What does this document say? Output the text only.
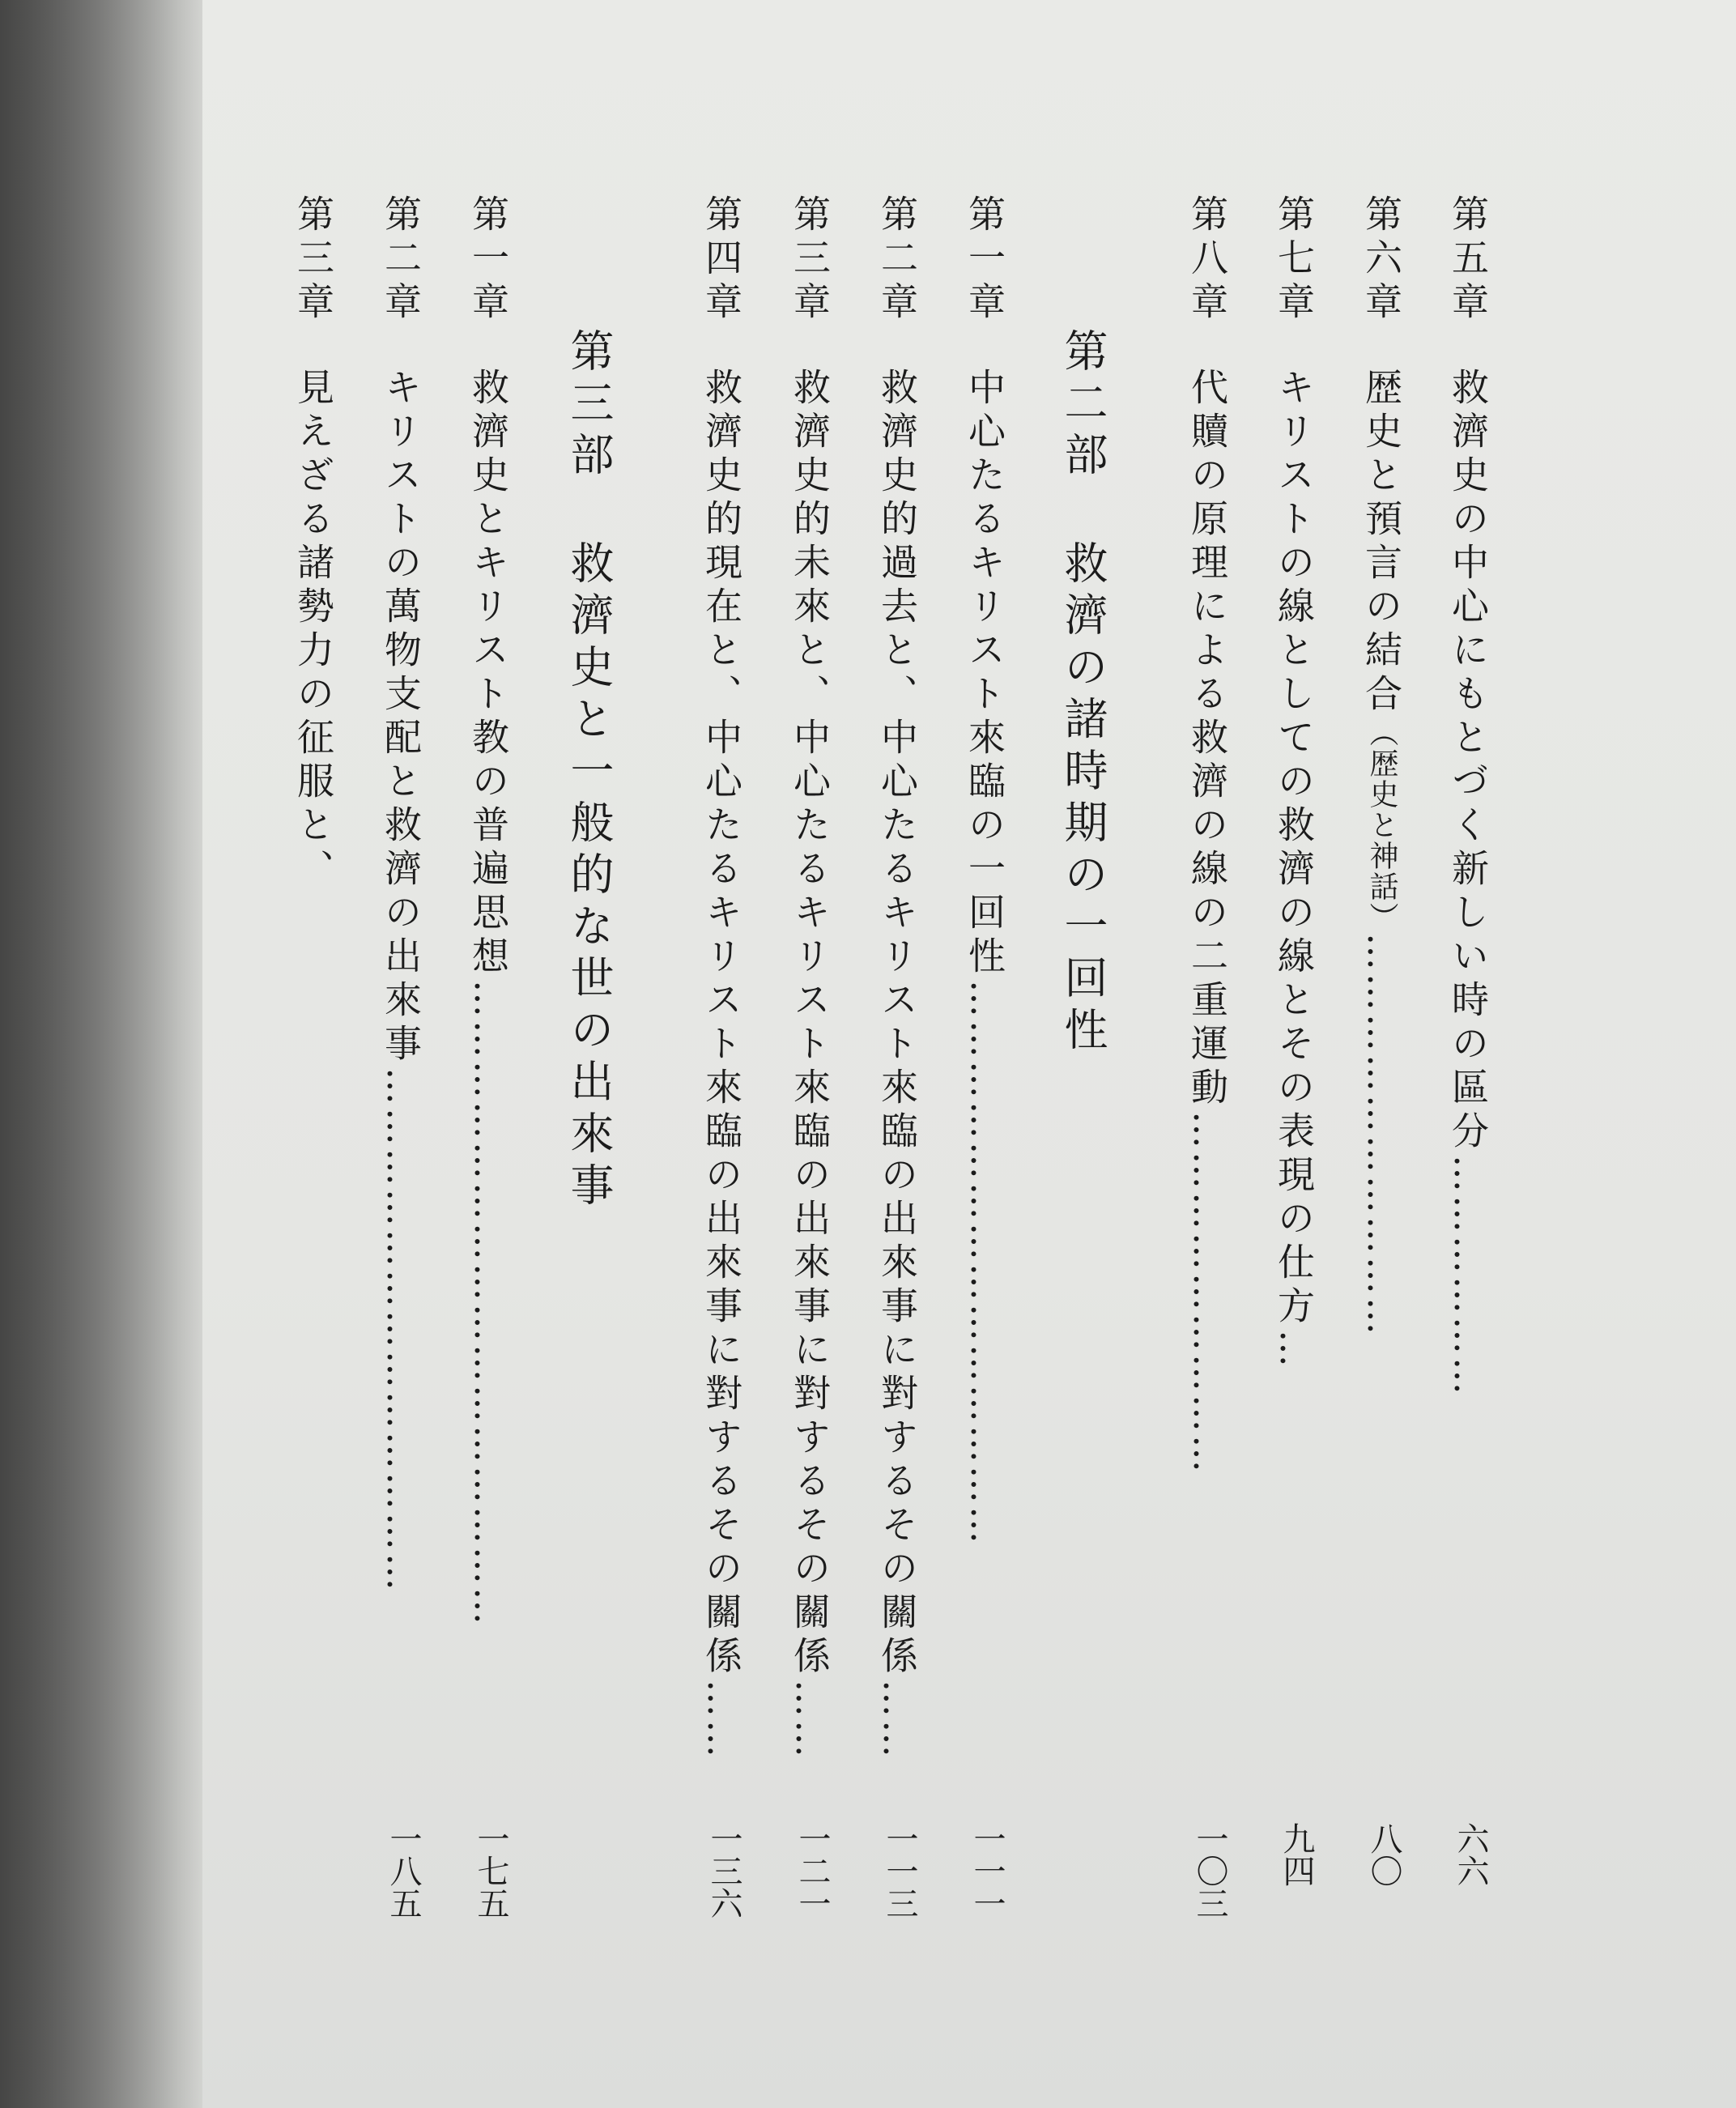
第五章救濟史の中心にもとづく新しい時の區分………………
六六
第六章歴史と預言の結合（歴史と神話）…………………………
八〇
第七章キリストの線としての救濟の線とその表現の仕方…
九四
第八章代贖の原理による救濟の線の二重運動………………………
一〇三
第二部救濟の諸時期の一回性
第一章中心たるキリスト來臨の一回性……………………………………
一一一
第二章救濟史的過去と、中心たるキリスト來臨の出來事に對するその關係……
一一三
第三章救濟史的未來と、中心たるキリスト來臨の出來事に對するその關係……
一二一
第四章救濟史的現在と、中心たるキリスト來臨の出來事に對するその關係……
一三六
第三部救濟史と一般的な世の出來事
第一章救濟史とキリスト教の普遍思想…………………………………………
一七五
第二章キリストの萬物支配と救濟の出來事…………………………………
一八五
第三章見えざる諸勢力の征服と、
